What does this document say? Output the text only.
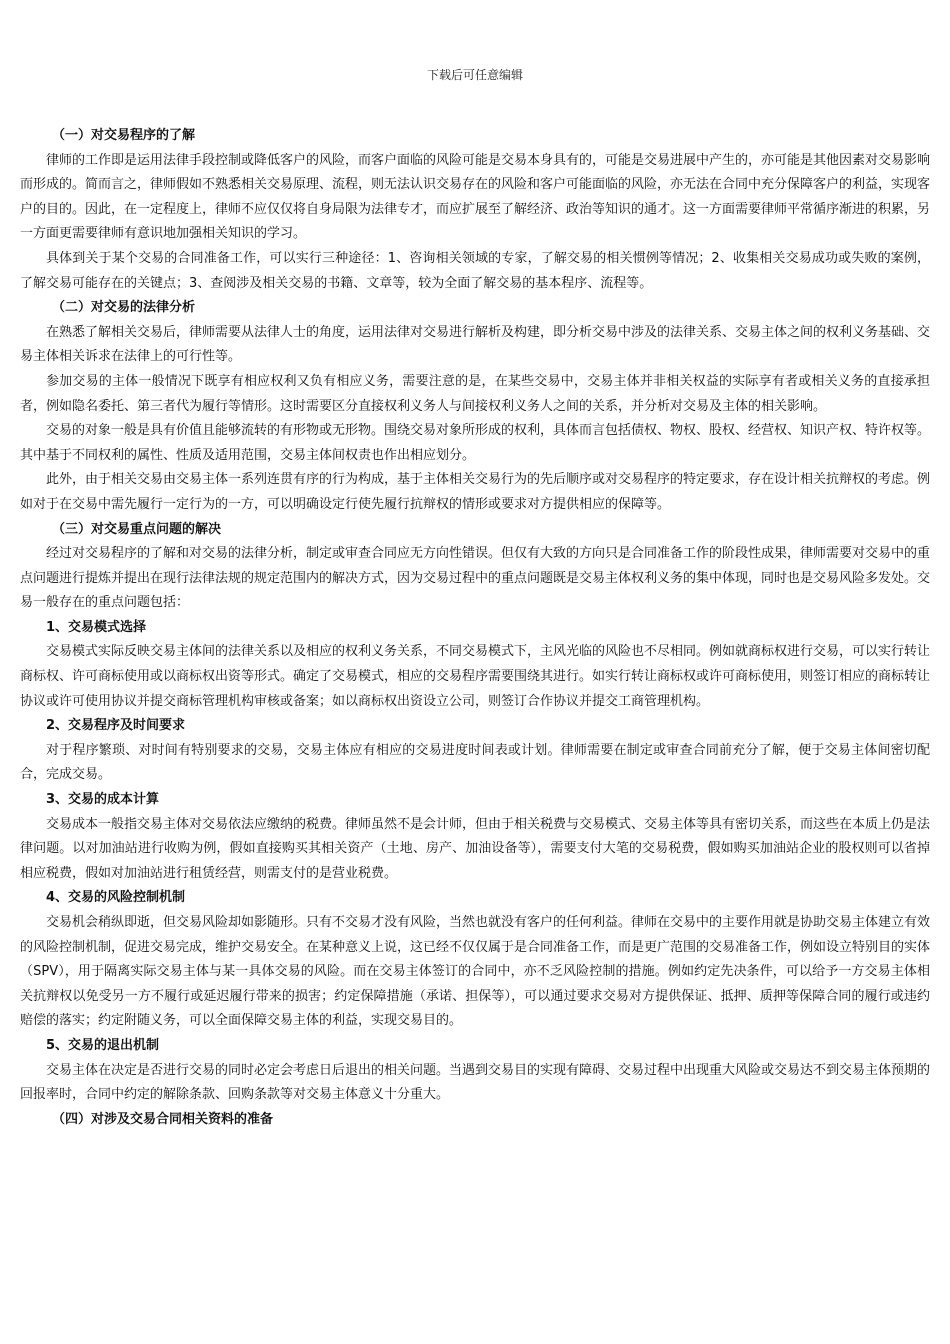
下载后可任意编辑

（一）对交易程序的了解

律师的工作即是运用法律手段控制或降低客户的风险，而客户面临的风险可能是交易本身具有的，可能是交易进展中产生的，亦可能是其他因素对交易影响而形成的。简而言之，律师假如不熟悉相关交易原理、流程，则无法认识交易存在的风险和客户可能面临的风险，亦无法在合同中充分保障客户的利益，实现客户的目的。因此，在一定程度上，律师不应仅仅将自身局限为法律专才，而应扩展至了解经济、政治等知识的通才。这一方面需要律师平常循序渐进的积累，另一方面更需要律师有意识地加强相关知识的学习。

具体到关于某个交易的合同准备工作，可以实行三种途径：1、咨询相关领域的专家，了解交易的相关惯例等情况；2、收集相关交易成功或失败的案例，了解交易可能存在的关键点；3、查阅涉及相关交易的书籍、文章等，较为全面了解交易的基本程序、流程等。

（二）对交易的法律分析

在熟悉了解相关交易后，律师需要从法律人士的角度，运用法律对交易进行解析及构建，即分析交易中涉及的法律关系、交易主体之间的权利义务基础、交易主体相关诉求在法律上的可行性等。

参加交易的主体一般情况下既享有相应权利又负有相应义务，需要注意的是，在某些交易中，交易主体并非相关权益的实际享有者或相关义务的直接承担者，例如隐名委托、第三者代为履行等情形。这时需要区分直接权利义务人与间接权利义务人之间的关系，并分析对交易及主体的相关影响。

交易的对象一般是具有价值且能够流转的有形物或无形物。围绕交易对象所形成的权利，具体而言包括债权、物权、股权、经营权、知识产权、特许权等。其中基于不同权利的属性、性质及适用范围，交易主体间权责也作出相应划分。

此外，由于相关交易由交易主体一系列连贯有序的行为构成，基于主体相关交易行为的先后顺序或对交易程序的特定要求，存在设计相关抗辩权的考虑。例如对于在交易中需先履行一定行为的一方，可以明确设定行使先履行抗辩权的情形或要求对方提供相应的保障等。

（三）对交易重点问题的解决

经过对交易程序的了解和对交易的法律分析，制定或审查合同应无方向性错误。但仅有大致的方向只是合同准备工作的阶段性成果，律师需要对交易中的重点问题进行提炼并提出在现行法律法规的规定范围内的解决方式，因为交易过程中的重点问题既是交易主体权利义务的集中体现，同时也是交易风险多发处。交易一般存在的重点问题包括：

1、交易模式选择

交易模式实际反映交易主体间的法律关系以及相应的权利义务关系，不同交易模式下，主风光临的风险也不尽相同。例如就商标权进行交易，可以实行转让商标权、许可商标使用或以商标权出资等形式。确定了交易模式，相应的交易程序需要围绕其进行。如实行转让商标权或许可商标使用，则签订相应的商标转让协议或许可使用协议并提交商标管理机构审核或备案；如以商标权出资设立公司，则签订合作协议并提交工商管理机构。

2、交易程序及时间要求

对于程序繁琐、对时间有特别要求的交易，交易主体应有相应的交易进度时间表或计划。律师需要在制定或审查合同前充分了解，便于交易主体间密切配合，完成交易。

3、交易的成本计算

交易成本一般指交易主体对交易依法应缴纳的税费。律师虽然不是会计师，但由于相关税费与交易模式、交易主体等具有密切关系，而这些在本质上仍是法律问题。以对加油站进行收购为例，假如直接购买其相关资产（土地、房产、加油设备等），需要支付大笔的交易税费，假如购买加油站企业的股权则可以省掉相应税费，假如对加油站进行租赁经营，则需支付的是营业税费。

4、交易的风险控制机制

交易机会稍纵即逝，但交易风险却如影随形。只有不交易才没有风险，当然也就没有客户的任何利益。律师在交易中的主要作用就是协助交易主体建立有效的风险控制机制，促进交易完成，维护交易安全。在某种意义上说，这已经不仅仅属于是合同准备工作，而是更广范围的交易准备工作，例如设立特别目的实体（SPV），用于隔离实际交易主体与某一具体交易的风险。而在交易主体签订的合同中，亦不乏风险控制的措施。例如约定先决条件，可以给予一方交易主体相关抗辩权以免受另一方不履行或延迟履行带来的损害；约定保障措施（承诺、担保等），可以通过要求交易对方提供保证、抵押、质押等保障合同的履行或违约赔偿的落实；约定附随义务，可以全面保障交易主体的利益，实现交易目的。

5、交易的退出机制

交易主体在决定是否进行交易的同时必定会考虑日后退出的相关问题。当遇到交易目的实现有障碍、交易过程中出现重大风险或交易达不到交易主体预期的回报率时，合同中约定的解除条款、回购条款等对交易主体意义十分重大。

（四）对涉及交易合同相关资料的准备
